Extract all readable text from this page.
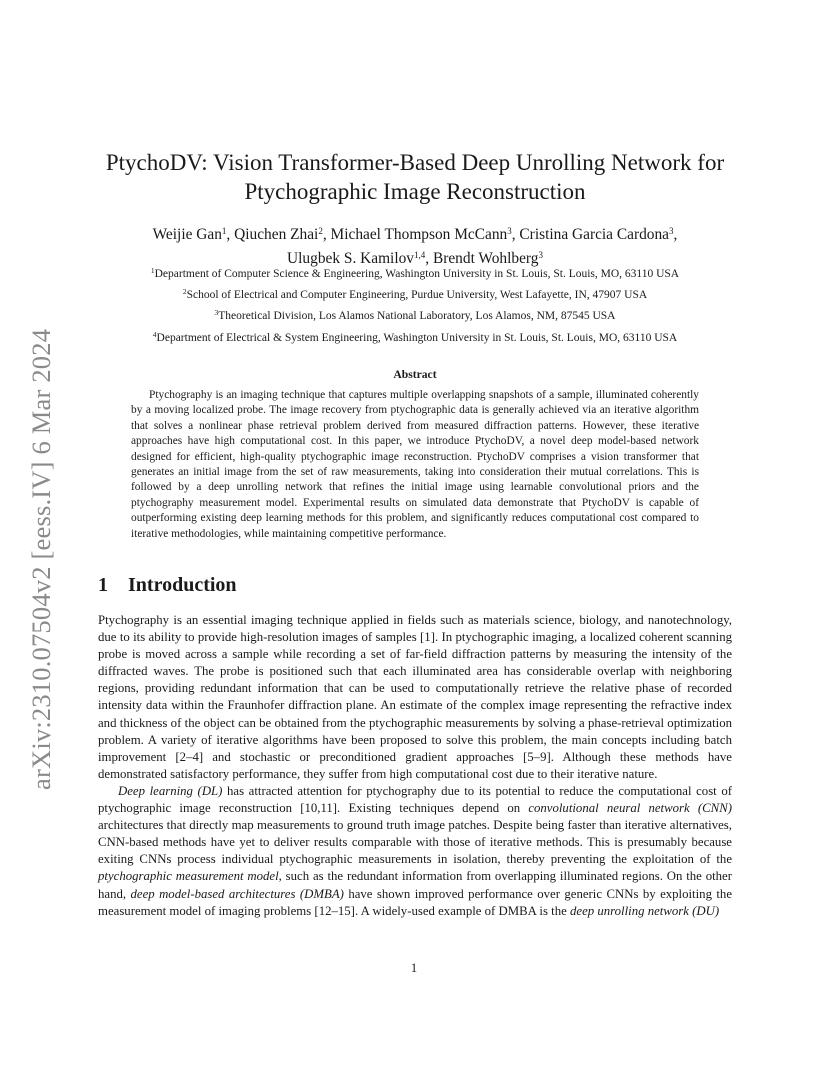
arXiv:2310.07504v2 [eess.IV] 6 Mar 2024
PtychoDV: Vision Transformer-Based Deep Unrolling Network for
Ptychographic Image Reconstruction
Weijie Gan$^1$, Qiuchen Zhai$^2$, Michael Thompson McCann$^3$, Cristina Garcia Cardona$^3$,
Ulugbek S. Kamilov$^{1,4}$, Brendt Wohlberg$^3$
$^1$Department of Computer Science & Engineering, Washington University in St. Louis, St. Louis, MO, 63110 USA
$^2$School of Electrical and Computer Engineering, Purdue University, West Lafayette, IN, 47907 USA
$^3$Theoretical Division, Los Alamos National Laboratory, Los Alamos, NM, 87545 USA
$^4$Department of Electrical & System Engineering, Washington University in St. Louis, St. Louis, MO, 63110 USA
Abstract

Ptychography is an imaging technique that captures multiple overlapping snapshots of a sample, illuminated coherently by a moving localized probe. The image recovery from ptychographic data is generally achieved via an iterative algorithm that solves a nonlinear phase retrieval problem derived from measured diffraction patterns. However, these iterative approaches have high computational cost. In this paper, we introduce PtychoDV, a novel deep model-based network designed for efficient, high-quality ptychographic image reconstruction. PtychoDV comprises a vision transformer that generates an initial image from the set of raw measurements, taking into consideration their mutual correlations. This is followed by a deep unrolling network that refines the initial image using learnable convolutional priors and the ptychography measurement model. Experimental results on simulated data demonstrate that PtychoDV is capable of outperforming existing deep learning methods for this problem, and significantly reduces computational cost compared to iterative methodologies, while maintaining competitive performance.

1 Introduction

Ptychography is an essential imaging technique applied in fields such as materials science, biology, and nanotechnology, due to its ability to provide high-resolution images of samples [1]. In ptychographic imaging, a localized coherent scanning probe is moved across a sample while recording a set of far-field diffraction patterns by measuring the intensity of the diffracted waves. The probe is positioned such that each illuminated area has considerable overlap with neighboring regions, providing redundant information that can be used to computationally retrieve the relative phase of recorded intensity data within the Fraunhofer diffraction plane. An estimate of the complex image representing the refractive index and thickness of the object can be obtained from the ptychographic measurements by solving a phase-retrieval optimization problem. A variety of iterative algorithms have been proposed to solve this problem, the main concepts including batch improvement [2–4] and stochastic or preconditioned gradient approaches [5–9]. Although these methods have demonstrated satisfactory performance, they suffer from high computational cost due to their iterative nature.

Deep learning (DL) has attracted attention for ptychography due to its potential to reduce the computational cost of ptychographic image reconstruction [10,11]. Existing techniques depend on convolutional neural network (CNN) architectures that directly map measurements to ground truth image patches. Despite being faster than iterative alternatives, CNN-based methods have yet to deliver results comparable with those of iterative methods. This is presumably because exiting CNNs process individual ptychographic measurements in isolation, thereby preventing the exploitation of the ptychographic measurement model, such as the redundant information from overlapping illuminated regions. On the other hand, deep model-based architectures (DMBA) have shown improved performance over generic CNNs by exploiting the measurement model of imaging problems [12–15]. A widely-used example of DMBA is the deep unrolling network (DU)

1
